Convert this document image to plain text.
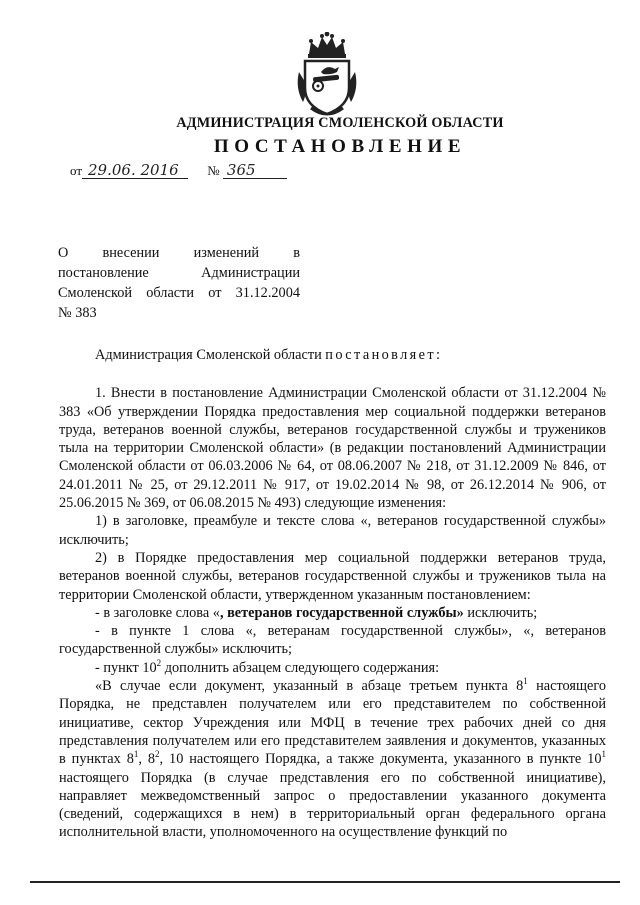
АДМИНИСТРАЦИЯ СМОЛЕНСКОЙ ОБЛАСТИ
ПОСТАНОВЛЕНИЕ
от 29.06. 2016 № 365
О внесении изменений в
постановление Администрации
Смоленской области от 31.12.2004
№ 383

Администрация Смоленской области постановляет:

1. Внести в постановление Администрации Смоленской области от 31.12.2004 № 383 «Об утверждении Порядка предоставления мер социальной поддержки ветеранов труда, ветеранов военной службы, ветеранов государственной службы и тружеников тыла на территории Смоленской области» (в редакции постановлений Администрации Смоленской области от 06.03.2006 № 64, от 08.06.2007 № 218, от 31.12.2009 № 846, от 24.01.2011 № 25, от 29.12.2011 № 917, от 19.02.2014 № 98, от 26.12.2014 № 906, от 25.06.2015 № 369, от 06.08.2015 № 493) следующие изменения:

1) в заголовке, преамбуле и тексте слова «, ветеранов государственной службы» исключить;

2) в Порядке предоставления мер социальной поддержки ветеранов труда, ветеранов военной службы, ветеранов государственной службы и тружеников тыла на территории Смоленской области, утвержденном указанным постановлением:

- в заголовке слова «, ветеранов государственной службы» исключить;

- в пункте 1 слова «, ветеранам государственной службы», «, ветеранов государственной службы» исключить;

- пункт $10^2$ дополнить абзацем следующего содержания:

«В случае если документ, указанный в абзаце третьем пункта $8^1$ настоящего Порядка, не представлен получателем или его представителем по собственной инициативе, сектор Учреждения или МФЦ в течение трех рабочих дней со дня представления получателем или его представителем заявления и документов, указанных в пунктах $8^1$, $8^2$, 10 настоящего Порядка, а также документа, указанного в пункте $10^1$ настоящего Порядка (в случае представления его по собственной инициативе), направляет межведомственный запрос о предоставлении указанного документа (сведений, содержащихся в нем) в территориальный орган федерального органа исполнительной власти, уполномоченного на осуществление функций по
